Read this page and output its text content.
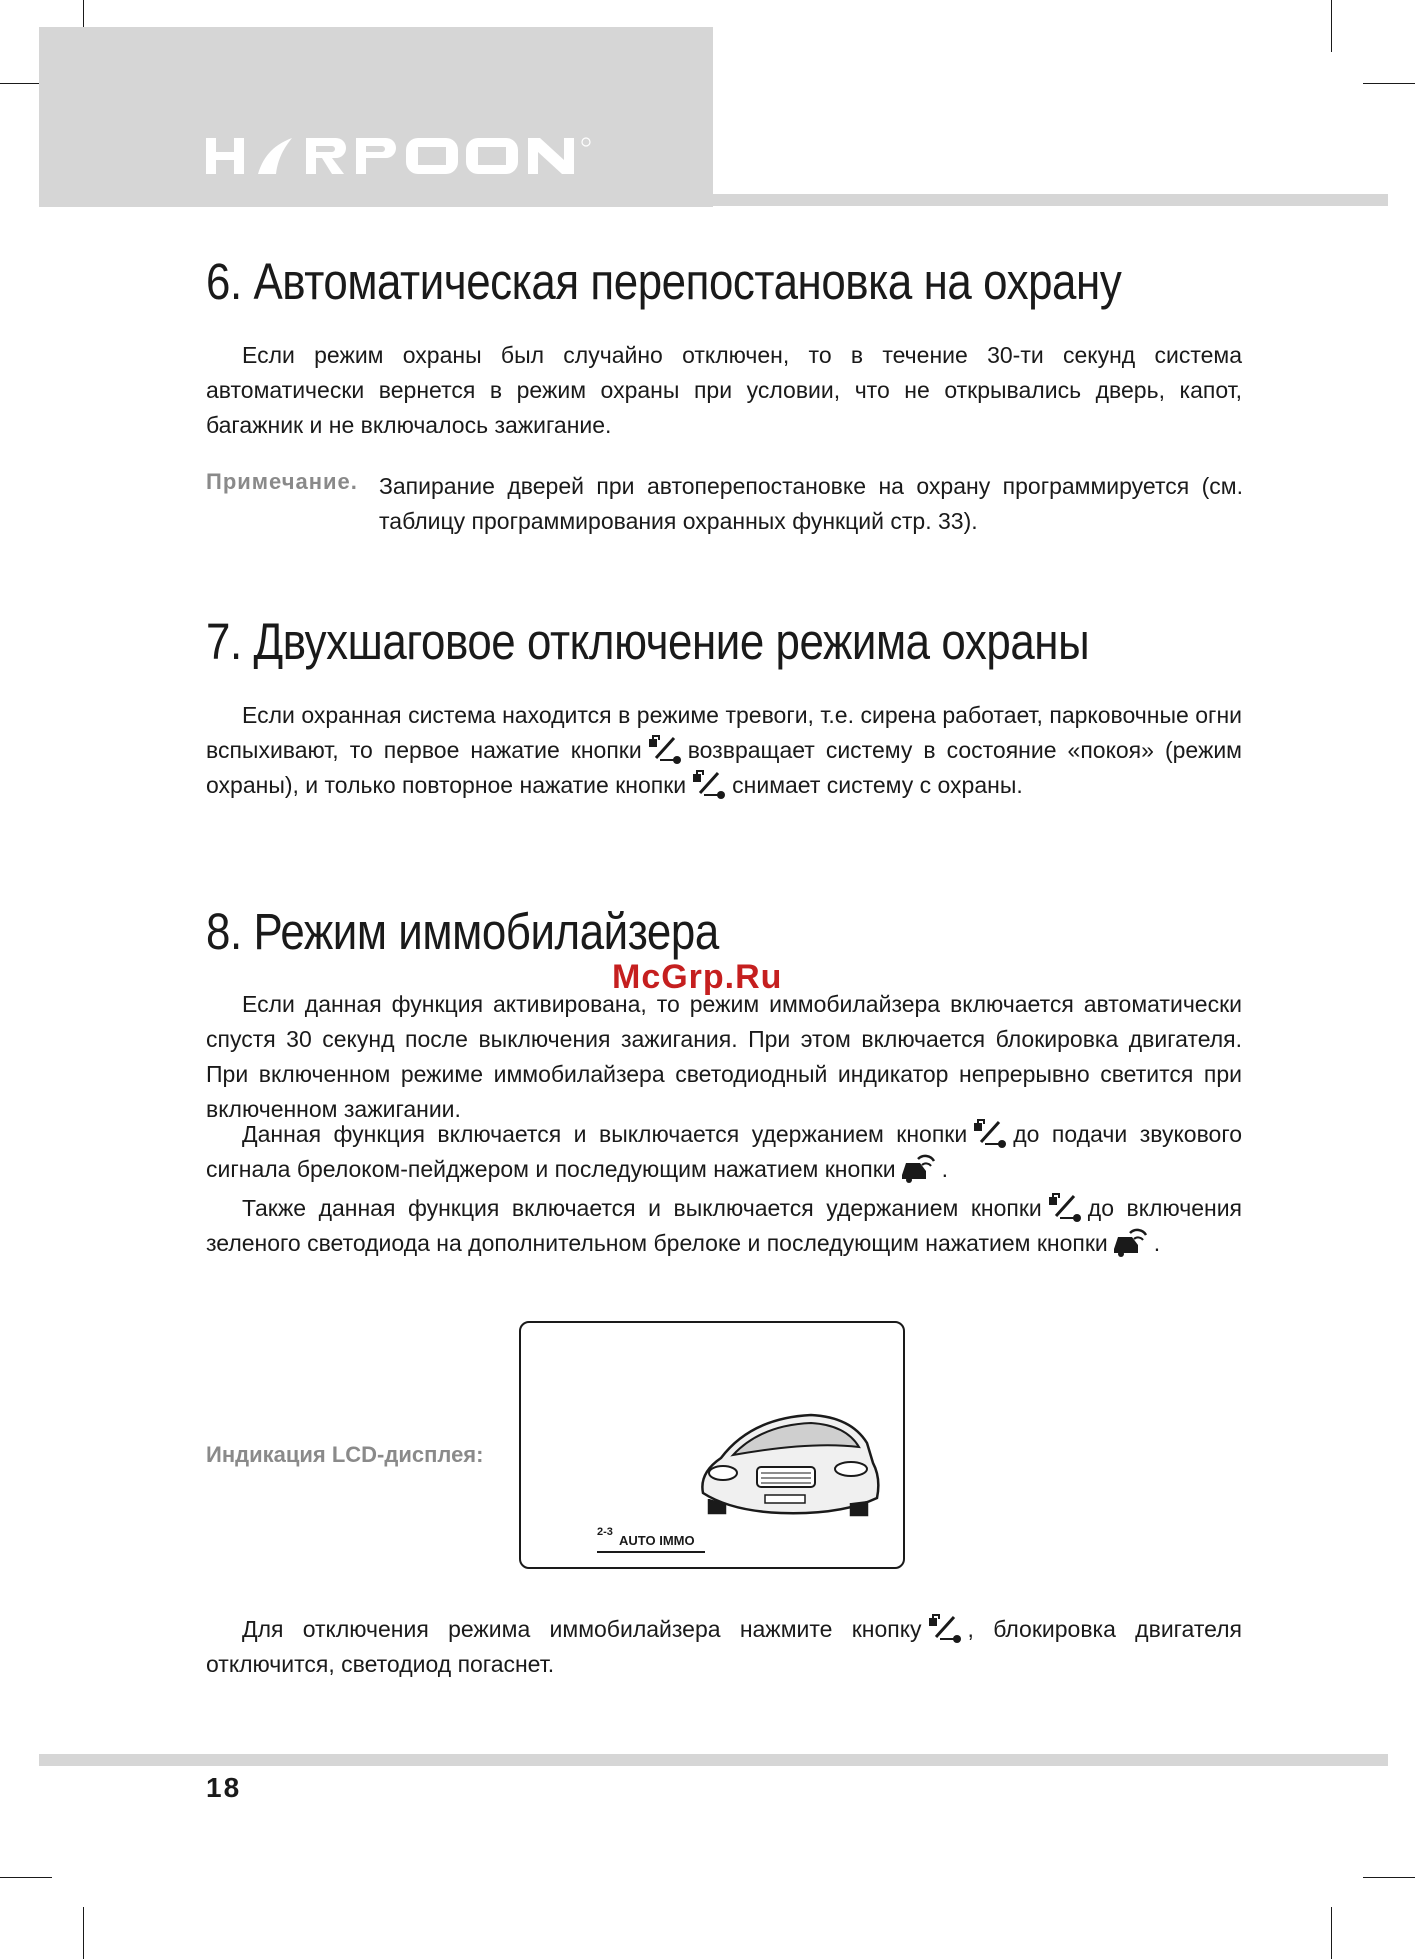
6. Автоматическая перепостановка на охрану

Если режим охраны был случайно отключен, то в течение 30-ти секунд система автоматически вернется в режим охраны при условии, что не открывались дверь, капот, багажник и не включалось зажигание.

Примечание. Запирание дверей при автоперепостановке на охрану программируется (см. таблицу программирования охранных функций стр. 33).

7. Двухшаговое отключение режима охраны

Если охранная система находится в режиме тревоги, т.е. сирена работает, парковочные огни вспыхивают, то первое нажатие кнопки возвращает систему в состояние «покоя» (режим охраны), и только повторное нажатие кнопки снимает систему с охраны.

8. Режим иммобилайзера
McGrp.Ru

Если данная функция активирована, то режим иммобилайзера включается автоматически спустя 30 секунд после выключения зажигания. При этом включается блокировка двигателя. При включенном режиме иммобилайзера светодиодный индикатор непрерывно светится при включенном зажигании.

Данная функция включается и выключается удержанием кнопки до подачи звукового сигнала брелоком-пейджером и последующим нажатием кнопки .

Также данная функция включается и выключается удержанием кнопки до включения зеленого светодиода на дополнительном брелоке и последующим нажатием кнопки .

Индикация LCD-дисплея:
2-3
AUTO IMMO

Для отключения режима иммобилайзера нажмите кнопку , блокировка двигателя отключится, светодиод погаснет.

18
